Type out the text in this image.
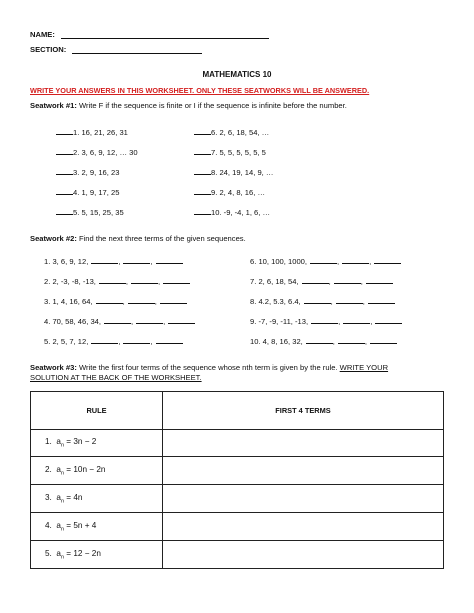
NAME:
SECTION:
MATHEMATICS 10
WRITE YOUR ANSWERS IN THIS WORKSHEET. ONLY THESE SEATWORKS WILL BE ANSWERED.
Seatwork #1: Write F if the sequence is finite or I if the sequence is infinite before the number.
1. 16, 21, 26, 31
2. 3, 6, 9, 12, … 30
3. 2, 9, 16, 23
4. 1, 9, 17, 25
5. 5, 15, 25, 35
6. 2, 6, 18, 54, …
7. 5, 5, 5, 5, 5, 5
8. 24, 19, 14, 9, …
9. 2, 4, 8, 16, …
10. -9, -4, 1, 6, …
Seatwork #2: Find the next three terms of the given sequences.
1. 3, 6, 9, 12,	,	,
2. 2, -3, -8, -13,	,	,
3. 1, 4, 16, 64,	,	,
4. 70, 58, 46, 34,	,	,
5. 2, 5, 7, 12,	,	,
6. 10, 100, 1000,	,	,
7. 2, 6, 18, 54,	,	,
8. 4.2, 5.3, 6.4,	,	,
9. -7, -9, -11, -13,	,	,
10. 4, 8, 16, 32,	,	,
Seatwork #3: Write the first four terms of the sequence whose nth term is given by the rule. WRITE YOUR
SOLUTION AT THE BACK OF THE WORKSHEET.
RULE	FIRST 4 TERMS
1. $a_n = 3n - 2$	
2. $a_n = 10n - 2n$	
3. $a_n = 4n$	
4. $a_n = 5n + 4$	
5. $a_n = 12 - 2n$	
